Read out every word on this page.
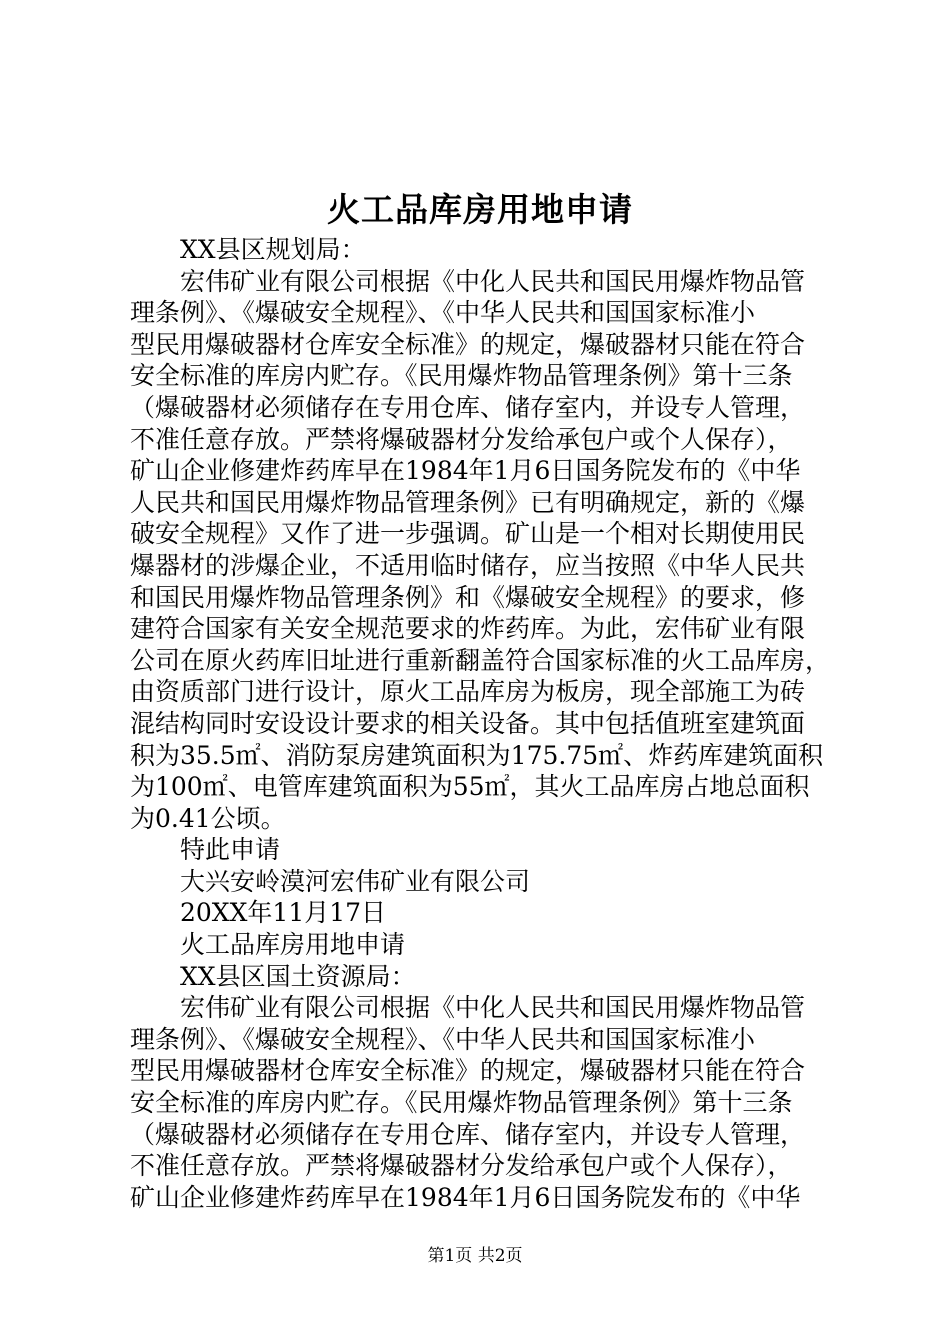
火工品库房用地申请
XX县区规划局：
宏伟矿业有限公司根据《中化人民共和国民用爆炸物品管
理条例》、《爆破安全规程》、《中华人民共和国国家标准小
型民用爆破器材仓库安全标准》的规定，爆破器材只能在符合
安全标准的库房内贮存。《民用爆炸物品管理条例》第十三条
（爆破器材必须储存在专用仓库、储存室内，并设专人管理，
不准任意存放。严禁将爆破器材分发给承包户或个人保存），
矿山企业修建炸药库早在1984年1月6日国务院发布的《中华
人民共和国民用爆炸物品管理条例》已有明确规定，新的《爆
破安全规程》又作了进一步强调。矿山是一个相对长期使用民
爆器材的涉爆企业，不适用临时储存，应当按照《中华人民共
和国民用爆炸物品管理条例》和《爆破安全规程》的要求，修
建符合国家有关安全规范要求的炸药库。为此，宏伟矿业有限
公司在原火药库旧址进行重新翻盖符合国家标准的火工品库房，
由资质部门进行设计，原火工品库房为板房，现全部施工为砖
混结构同时安设设计要求的相关设备。其中包括值班室建筑面
积为35.5㎡、消防泵房建筑面积为175.75㎡、炸药库建筑面积
为100㎡、电管库建筑面积为55㎡，其火工品库房占地总面积
为0.41公顷。
特此申请
大兴安岭漠河宏伟矿业有限公司
20XX年11月17日
火工品库房用地申请
XX县区国土资源局：
宏伟矿业有限公司根据《中化人民共和国民用爆炸物品管
理条例》、《爆破安全规程》、《中华人民共和国国家标准小
型民用爆破器材仓库安全标准》的规定，爆破器材只能在符合
安全标准的库房内贮存。《民用爆炸物品管理条例》第十三条
（爆破器材必须储存在专用仓库、储存室内，并设专人管理，
不准任意存放。严禁将爆破器材分发给承包户或个人保存），
矿山企业修建炸药库早在1984年1月6日国务院发布的《中华
第1页 共2页
